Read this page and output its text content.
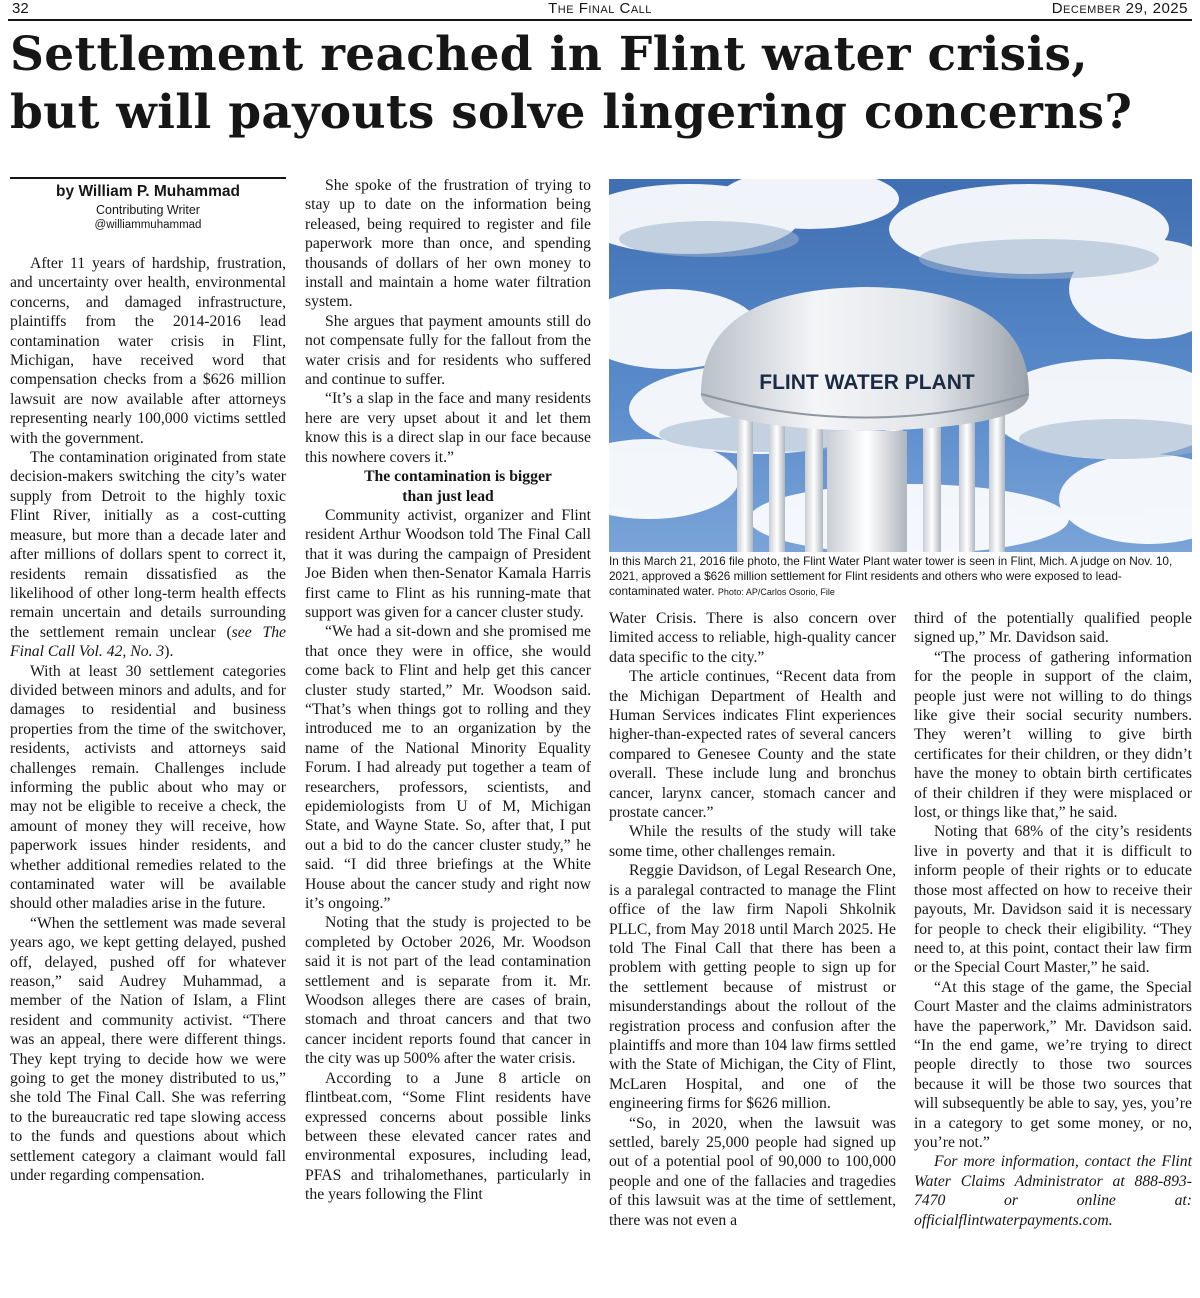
32	The Final Call	December 29, 2025
Settlement reached in Flint water crisis,
but will payouts solve lingering concerns?
by William P. Muhammad
Contributing Writer
@williammuhammad

After 11 years of hardship, frustration, and uncertainty over health, environmental concerns, and damaged infrastructure, plaintiffs from the 2014-2016 lead contamination water crisis in Flint, Michigan, have received word that compensation checks from a $626 million lawsuit are now available after attorneys representing nearly 100,000 victims settled with the government.

The contamination originated from state decision-makers switching the city’s water supply from Detroit to the highly toxic Flint River, initially as a cost-cutting measure, but more than a decade later and after millions of dollars spent to correct it, residents remain dissatisfied as the likelihood of other long-term health effects remain uncertain and details surrounding the settlement remain unclear (see The Final Call Vol. 42, No. 3).

With at least 30 settlement categories divided between minors and adults, and for damages to residential and business properties from the time of the switchover, residents, activists and attorneys said challenges remain. Challenges include informing the public about who may or may not be eligible to receive a check, the amount of money they will receive, how paperwork issues hinder residents, and whether additional remedies related to the contaminated water will be available should other maladies arise in the future.

“When the settlement was made several years ago, we kept getting delayed, pushed off, delayed, pushed off for whatever reason,” said Audrey Muhammad, a member of the Nation of Islam, a Flint resident and community activist. “There was an appeal, there were different things. They kept trying to decide how we were going to get the money distributed to us,” she told The Final Call. She was referring to the bureaucratic red tape slowing access to the funds and questions about which settlement category a claimant would fall under regarding compensation.

She spoke of the frustration of trying to stay up to date on the information being released, being required to register and file paperwork more than once, and spending thousands of dollars of her own money to install and maintain a home water filtration system.

She argues that payment amounts still do not compensate fully for the fallout from the water crisis and for residents who suffered and continue to suffer.

“It’s a slap in the face and many residents here are very upset about it and let them know this is a direct slap in our face because this nowhere covers it.”

The contamination is bigger
than just lead

Community activist, organizer and Flint resident Arthur Woodson told The Final Call that it was during the campaign of President Joe Biden when then-Senator Kamala Harris first came to Flint as his running-mate that support was given for a cancer cluster study.

“We had a sit-down and she promised me that once they were in office, she would come back to Flint and help get this cancer cluster study started,” Mr. Woodson said. “That’s when things got to rolling and they introduced me to an organization by the name of the National Minority Equality Forum. I had already put together a team of researchers, professors, scientists, and epidemiologists from U of M, Michigan State, and Wayne State. So, after that, I put out a bid to do the cancer cluster study,” he said. “I did three briefings at the White House about the cancer study and right now it’s ongoing.”

Noting that the study is projected to be completed by October 2026, Mr. Woodson said it is not part of the lead contamination settlement and is separate from it. Mr. Woodson alleges there are cases of brain, stomach and throat cancers and that two cancer incident reports found that cancer in the city was up 500% after the water crisis.

According to a June 8 article on flintbeat.com, “Some Flint residents have expressed concerns about possible links between these elevated cancer rates and environmental exposures, including lead, PFAS and trihalomethanes, particularly in the years following the Flint

FLINT WATER PLANT
In this March 21, 2016 file photo, the Flint Water Plant water tower is seen in Flint, Mich. A judge on Nov. 10, 2021, approved a $626 million settlement for Flint residents and others who were exposed to lead-contaminated water. Photo: AP/Carlos Osorio, File

Water Crisis. There is also concern over limited access to reliable, high-quality cancer data specific to the city.”

The article continues, “Recent data from the Michigan Department of Health and Human Services indicates Flint experiences higher-than-expected rates of several cancers compared to Genesee County and the state overall. These include lung and bronchus cancer, larynx cancer, stomach cancer and prostate cancer.”

While the results of the study will take some time, other challenges remain.

Reggie Davidson, of Legal Research One, is a paralegal contracted to manage the Flint office of the law firm Napoli Shkolnik PLLC, from May 2018 until March 2025. He told The Final Call that there has been a problem with getting people to sign up for the settlement because of mistrust or misunderstandings about the rollout of the registration process and confusion after the plaintiffs and more than 104 law firms settled with the State of Michigan, the City of Flint, McLaren Hospital, and one of the engineering firms for $626 million.

“So, in 2020, when the lawsuit was settled, barely 25,000 people had signed up out of a potential pool of 90,000 to 100,000 people and one of the fallacies and tragedies of this lawsuit was at the time of settlement, there was not even a

third of the potentially qualified people signed up,” Mr. Davidson said.

“The process of gathering information for the people in support of the claim, people just were not willing to do things like give their social security numbers. They weren’t willing to give birth certificates for their children, or they didn’t have the money to obtain birth certificates of their children if they were misplaced or lost, or things like that,” he said.

Noting that 68% of the city’s residents live in poverty and that it is difficult to inform people of their rights or to educate those most affected on how to receive their payouts, Mr. Davidson said it is necessary for people to check their eligibility. “They need to, at this point, contact their law firm or the Special Court Master,” he said.

“At this stage of the game, the Special Court Master and the claims administrators have the paperwork,” Mr. Davidson said. “In the end game, we’re trying to direct people directly to those two sources because it will be those two sources that will subsequently be able to say, yes, you’re in a category to get some money, or no, you’re not.”

For more information, contact the Flint Water Claims Administrator at 888-893-7470 or online at: officialflintwaterpayments.com.
